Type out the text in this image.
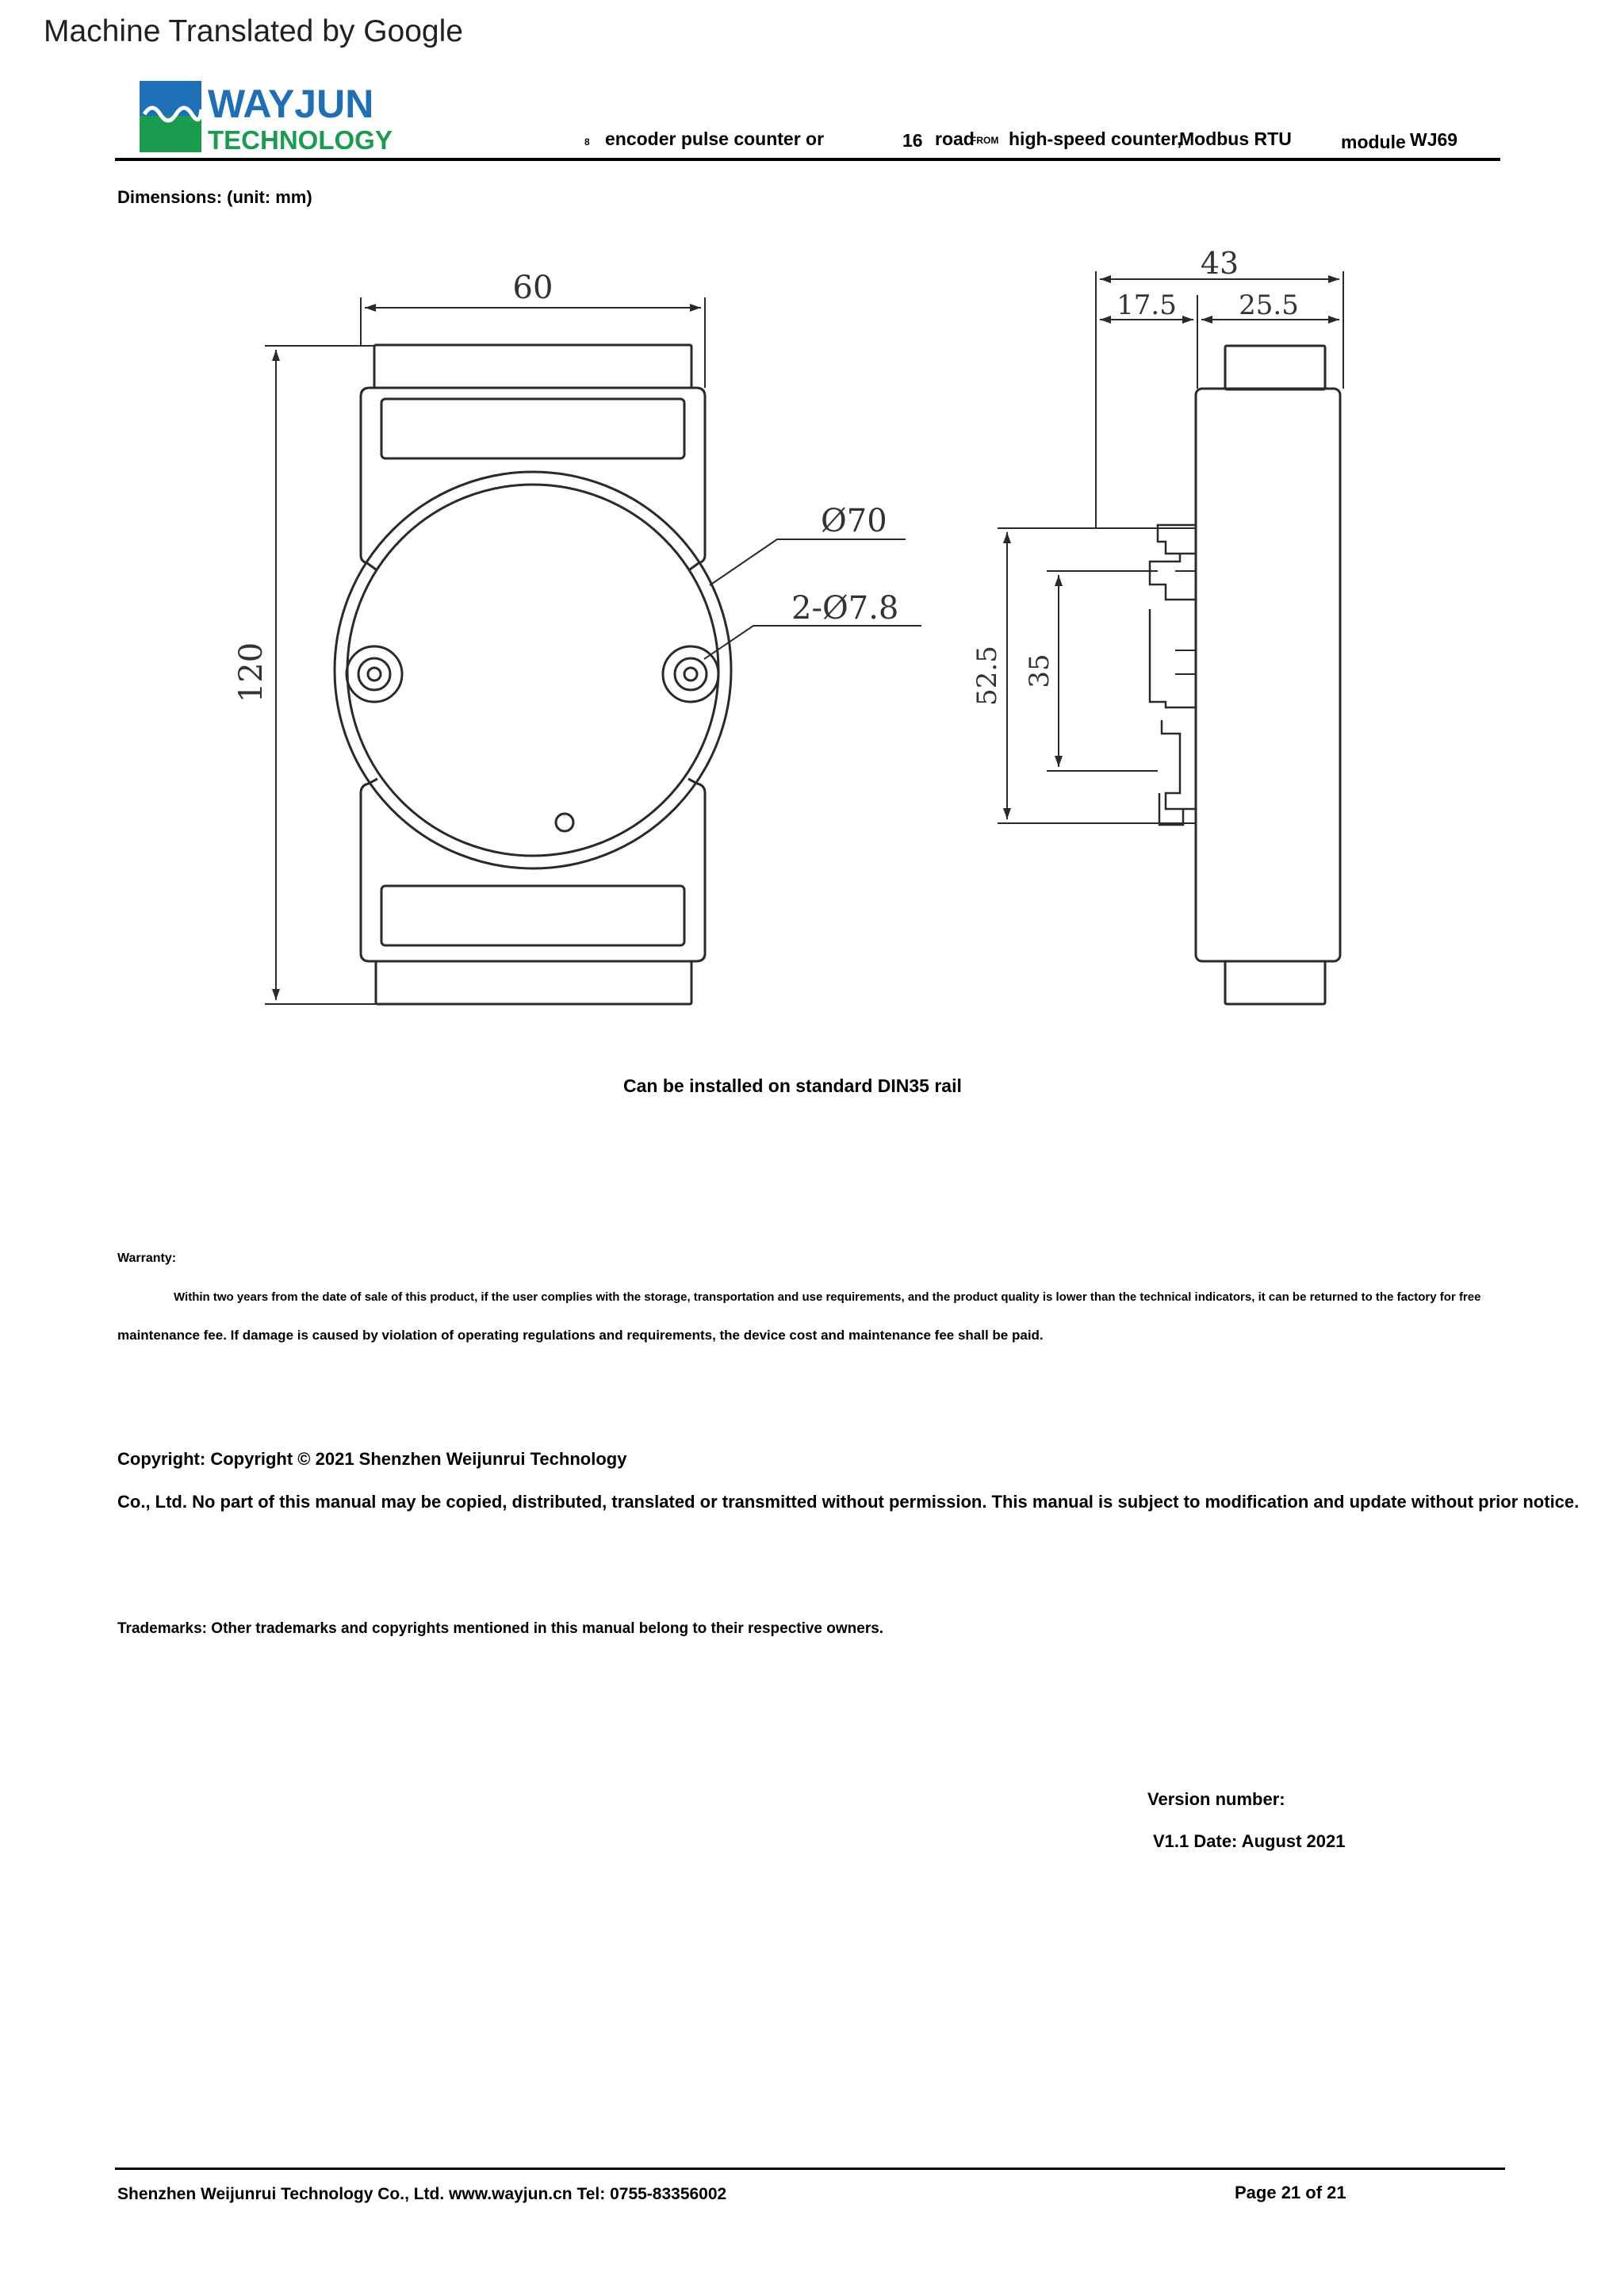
Machine Translated by Google
WAYJUN
TECHNOLOGY	8 encoder pulse counter or	16 road
FROM high-speed counter,
Modbus RTU	module WJ69
Dimensions: (unit: mm)
60
120
Ø70
2-Ø7.8
43
17.5 25.5
52.5 35
Can be installed on standard DIN35 rail
Warranty:
Within two years from the date of sale of this product, if the user complies with the storage, transportation and use requirements, and the product quality is lower than the technical indicators, it can be returned to the factory for free
maintenance fee. If damage is caused by violation of operating regulations and requirements, the device cost and maintenance fee shall be paid.
Copyright: Copyright © 2021 Shenzhen Weijunrui Technology
Co., Ltd. No part of this manual may be copied, distributed, translated or transmitted without permission. This manual is subject to modification and update without prior notice.
Trademarks: Other trademarks and copyrights mentioned in this manual belong to their respective owners.
Version number:
V1.1 Date: August 2021
Shenzhen Weijunrui Technology Co., Ltd. www.wayjun.cn Tel: 0755-83356002	Page 21 of 21
